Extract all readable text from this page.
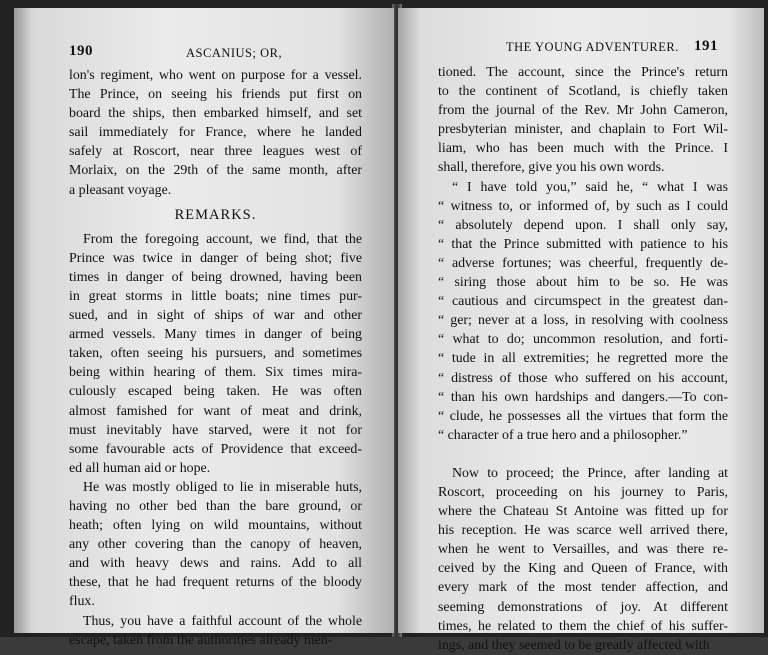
190	ASCANIUS; OR,
lon's regiment, who went on purpose for a vessel.
The Prince, on seeing his friends put first on
board the ships, then embarked himself, and set
sail immediately for France, where he landed
safely at Roscort, near three leagues west of
Morlaix, on the 29th of the same month, after
a pleasant voyage.
REMARKS.
From the foregoing account, we find, that the
Prince was twice in danger of being shot; five
times in danger of being drowned, having been
in great storms in little boats; nine times pur-
sued, and in sight of ships of war and other
armed vessels. Many times in danger of being
taken, often seeing his pursuers, and sometimes
being within hearing of them. Six times mira-
culously escaped being taken. He was often
almost famished for want of meat and drink,
must inevitably have starved, were it not for
some favourable acts of Providence that exceed-
ed all human aid or hope.
He was mostly obliged to lie in miserable huts,
having no other bed than the bare ground, or
heath; often lying on wild mountains, without
any other covering than the canopy of heaven,
and with heavy dews and rains. Add to all
these, that he had frequent returns of the bloody
flux.
Thus, you have a faithful account of the whole
escape, taken from the authorities already men-
THE YOUNG ADVENTURER. 191
tioned. The account, since the Prince's return
to the continent of Scotland, is chiefly taken
from the journal of the Rev. Mr John Cameron,
presbyterian minister, and chaplain to Fort Wil-
liam, who has been much with the Prince. I
shall, therefore, give you his own words.
“ I have told you,” said he, “ what I was
“ witness to, or informed of, by such as I could
“ absolutely depend upon. I shall only say,
“ that the Prince submitted with patience to his
“ adverse fortunes; was cheerful, frequently de-
“ siring those about him to be so. He was
“ cautious and circumspect in the greatest dan-
“ ger; never at a loss, in resolving with coolness
“ what to do; uncommon resolution, and forti-
“ tude in all extremities; he regretted more the
“ distress of those who suffered on his account,
“ than his own hardships and dangers.—To con-
“ clude, he possesses all the virtues that form the
“ character of a true hero and a philosopher.”
Now to proceed; the Prince, after landing at
Roscort, proceeding on his journey to Paris,
where the Chateau St Antoine was fitted up for
his reception. He was scarce well arrived there,
when he went to Versailles, and was there re-
ceived by the King and Queen of France, with
every mark of the most tender affection, and
seeming demonstrations of joy. At different
times, he related to them the chief of his suffer-
ings, and they seemed to be greatly affected with
